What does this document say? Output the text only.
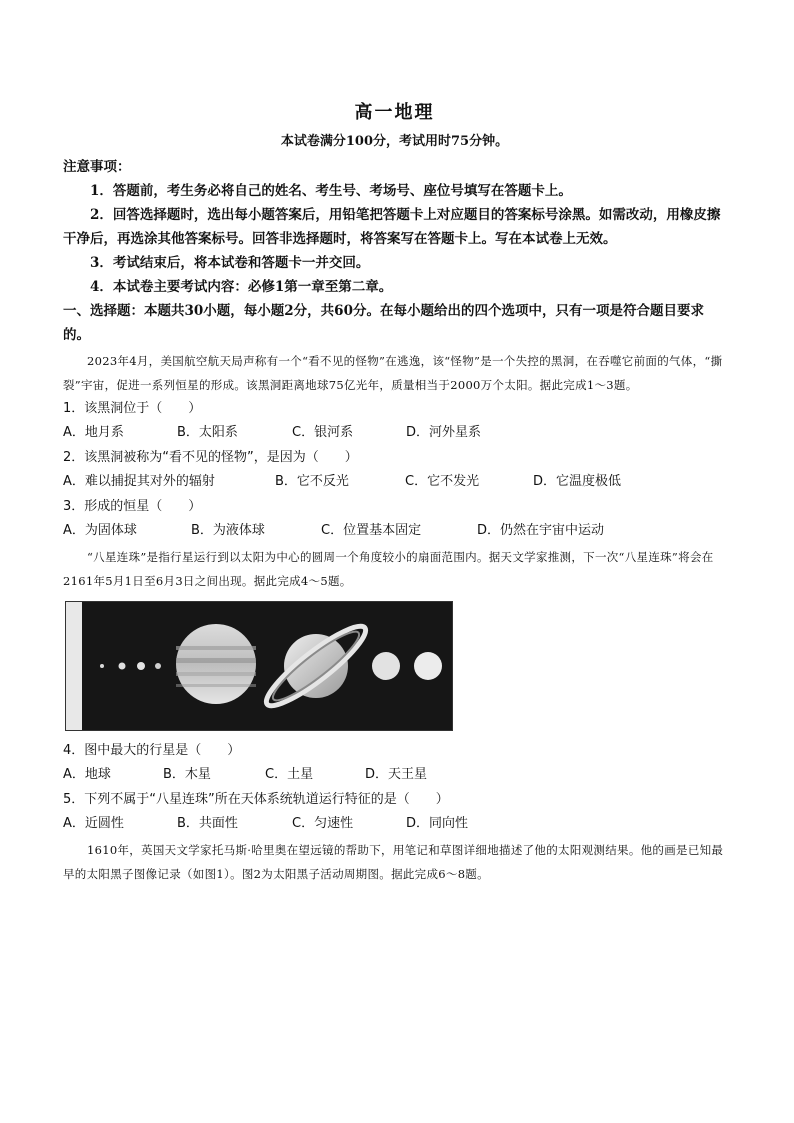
高一地理

本试卷满分100分，考试用时75分钟。

注意事项：

1．答题前，考生务必将自己的姓名、考生号、考场号、座位号填写在答题卡上。

2．回答选择题时，选出每小题答案后，用铅笔把答题卡上对应题目的答案标号涂黑。如需改动，用橡皮擦干净后，再选涂其他答案标号。回答非选择题时，将答案写在答题卡上。写在本试卷上无效。

3．考试结束后，将本试卷和答题卡一并交回。

4．本试卷主要考试内容：必修1第一章至第二章。

一、选择题：本题共30小题，每小题2分，共60分。在每小题给出的四个选项中，只有一项是符合题目要求的。

2023年4月，美国航空航天局声称有一个“看不见的怪物”在逃逸，该“怪物”是一个失控的黑洞，在吞噬它前面的气体，“撕裂”宇宙，促进一系列恒星的形成。该黑洞距离地球75亿光年，质量相当于2000万个太阳。据此完成1～3题。

1．该黑洞位于（　　）

A．地月系	B．太阳系	C．银河系	D．河外星系

2．该黑洞被称为“看不见的怪物”，是因为（　　）

A．难以捕捉其对外的辐射	B．它不反光	C．它不发光	D．它温度极低

3．形成的恒星（　　）

A．为固体球	B．为液体球	C．位置基本固定	D．仍然在宇宙中运动

“八星连珠”是指行星运行到以太阳为中心的圆周一个角度较小的扇面范围内。据天文学家推测，下一次“八星连珠”将会在2161年5月1日至6月3日之间出现。据此完成4～5题。

4．图中最大的行星是（　　）

A．地球	B．木星	C．土星	D．天王星

5．下列不属于“八星连珠”所在天体系统轨道运行特征的是（　　）

A．近圆性	B．共面性	C．匀速性	D．同向性

1610年，英国天文学家托马斯·哈里奥在望远镜的帮助下，用笔记和草图详细地描述了他的太阳观测结果。他的画是已知最早的太阳黑子图像记录（如图1）。图2为太阳黑子活动周期图。据此完成6～8题。
